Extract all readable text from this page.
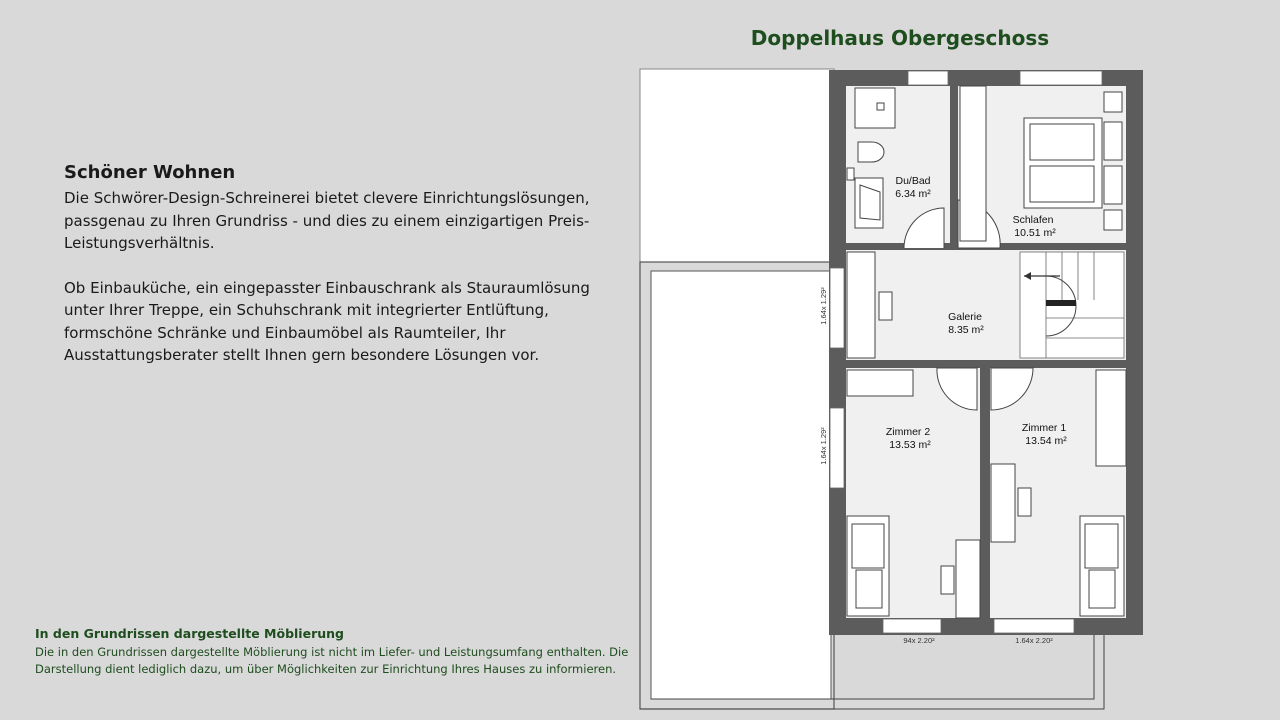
Doppelhaus Obergeschoss
Schöner Wohnen

Die Schwörer-Design-Schreinerei bietet clevere Einrichtungslösungen, passgenau zu Ihren Grundriss - und dies zu einem einzigartigen Preis-Leistungsverhältnis.

Ob Einbauküche, ein eingepasster Einbauschrank als Stauraumlösung unter Ihrer Treppe, ein Schuhschrank mit integrierter Entlüftung, formschöne Schränke und Einbaumöbel als Raumteiler, Ihr Ausstattungsberater stellt Ihnen gern besondere Lösungen vor.

In den Grundrissen dargestellte Möblierung

Die in den Grundrissen dargestellte Möblierung ist nicht im Liefer- und Leistungsumfang enthalten. Die Darstellung dient lediglich dazu, um über Möglichkeiten zur Einrichtung Ihres Hauses zu informieren.

Du/Bad
6.34 m²
Schlafen
10.51 m²
Galerie
8.35 m²
Zimmer 2
13.53 m²
Zimmer 1
13.54 m²
1.64x 1.29²
1.64x 1.29²
94x 2.20²	1.64x 2.20²
